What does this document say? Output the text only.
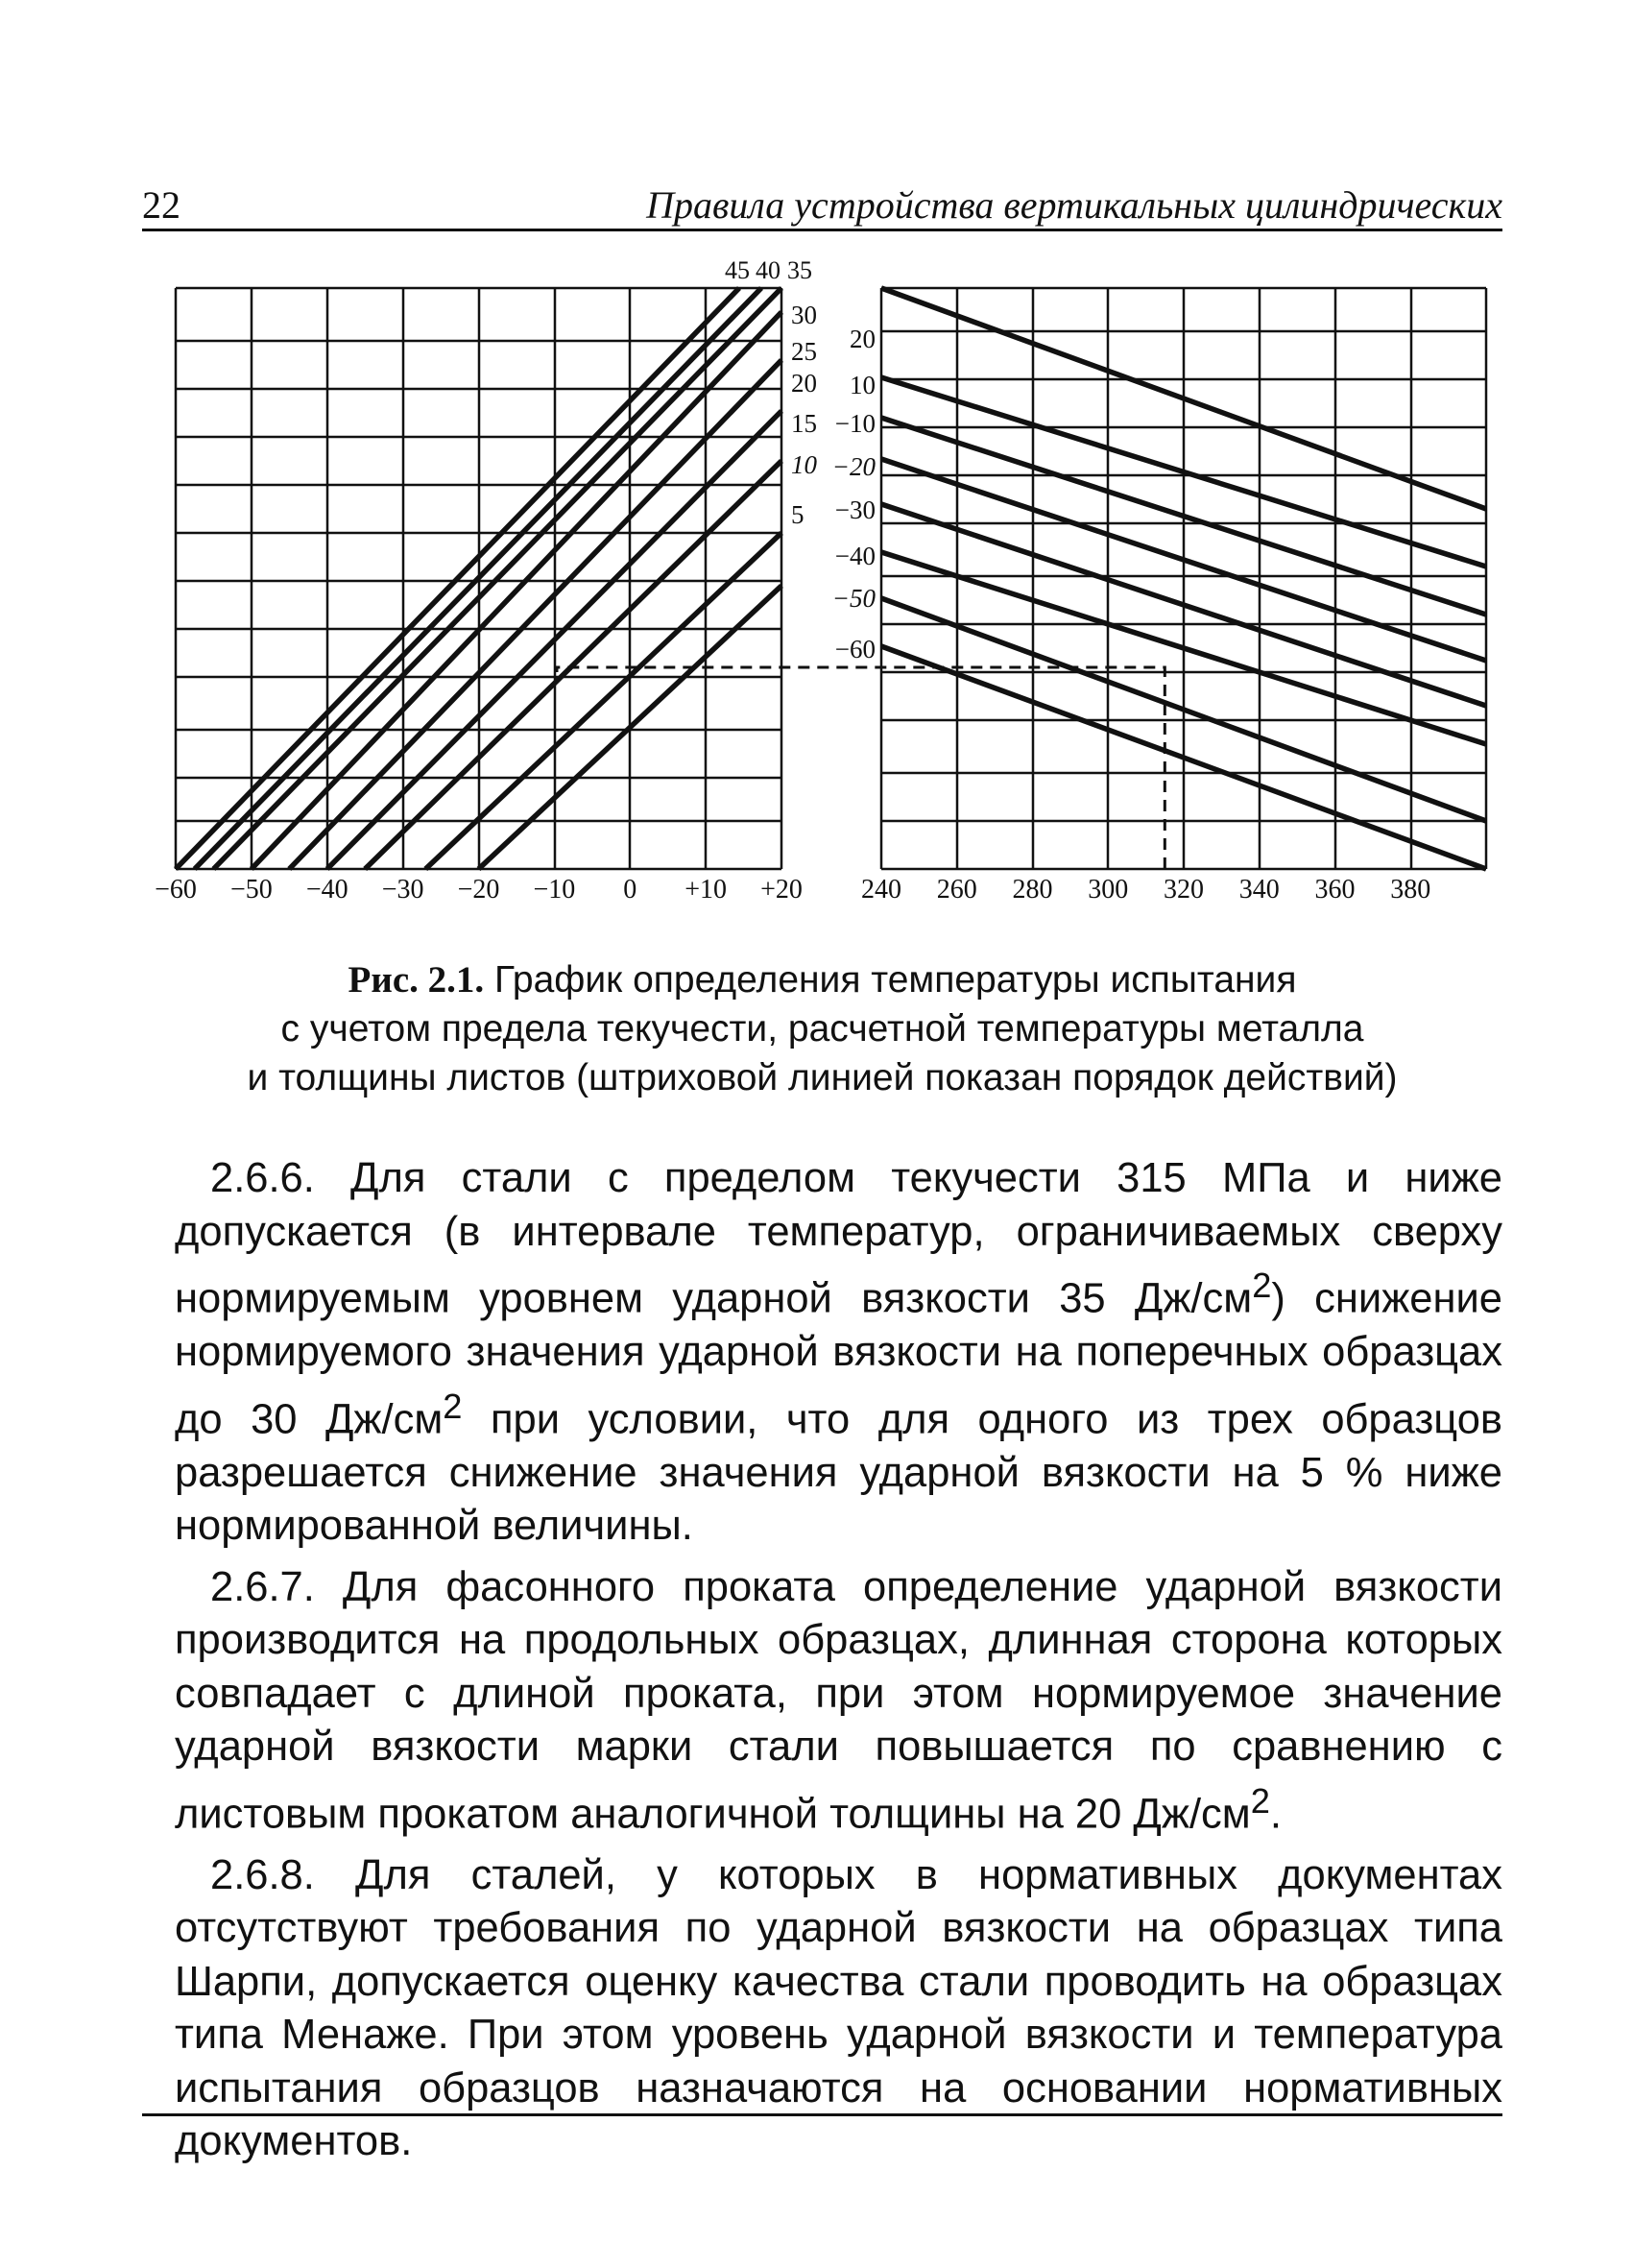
22	Правила устройства вертикальных цилиндрических
45 40 35
30
25
20
15
10
5
−60 −50 −40 −30 −20 −10 0 +10 +20
20
10
−10
−20
−30
−40
−50
−60
240 260 280 300 320 340 360 380
Рис. 2.1. График определения температуры испытания
с учетом предела текучести, расчетной температуры металла
и толщины листов (штриховой линией показан порядок действий)

2.6.6. Для стали с пределом текучести 315 МПа и ниже допускается (в интервале температур, ограничиваемых сверху нормируемым уровнем ударной вязкости 35 $Дж/см^2$) снижение нормируемого значения ударной вязкости на поперечных образцах до 30 $Дж/см^2$ при условии, что для одного из трех образцов разрешается снижение значения ударной вязкости на 5 % ниже нормированной величины.

2.6.7. Для фасонного проката определение ударной вязкости производится на продольных образцах, длинная сторона которых совпадает с длиной проката, при этом нормируемое значение ударной вязкости марки стали повышается по сравнению с листовым прокатом аналогичной толщины на 20 $Дж/см^2$.

2.6.8. Для сталей, у которых в нормативных документах отсутствуют требования по ударной вязкости на образцах типа Шарпи, допускается оценку качества стали проводить на образцах типа Менаже. При этом уровень ударной вязкости и температура испытания образцов назначаются на основании нормативных документов.
